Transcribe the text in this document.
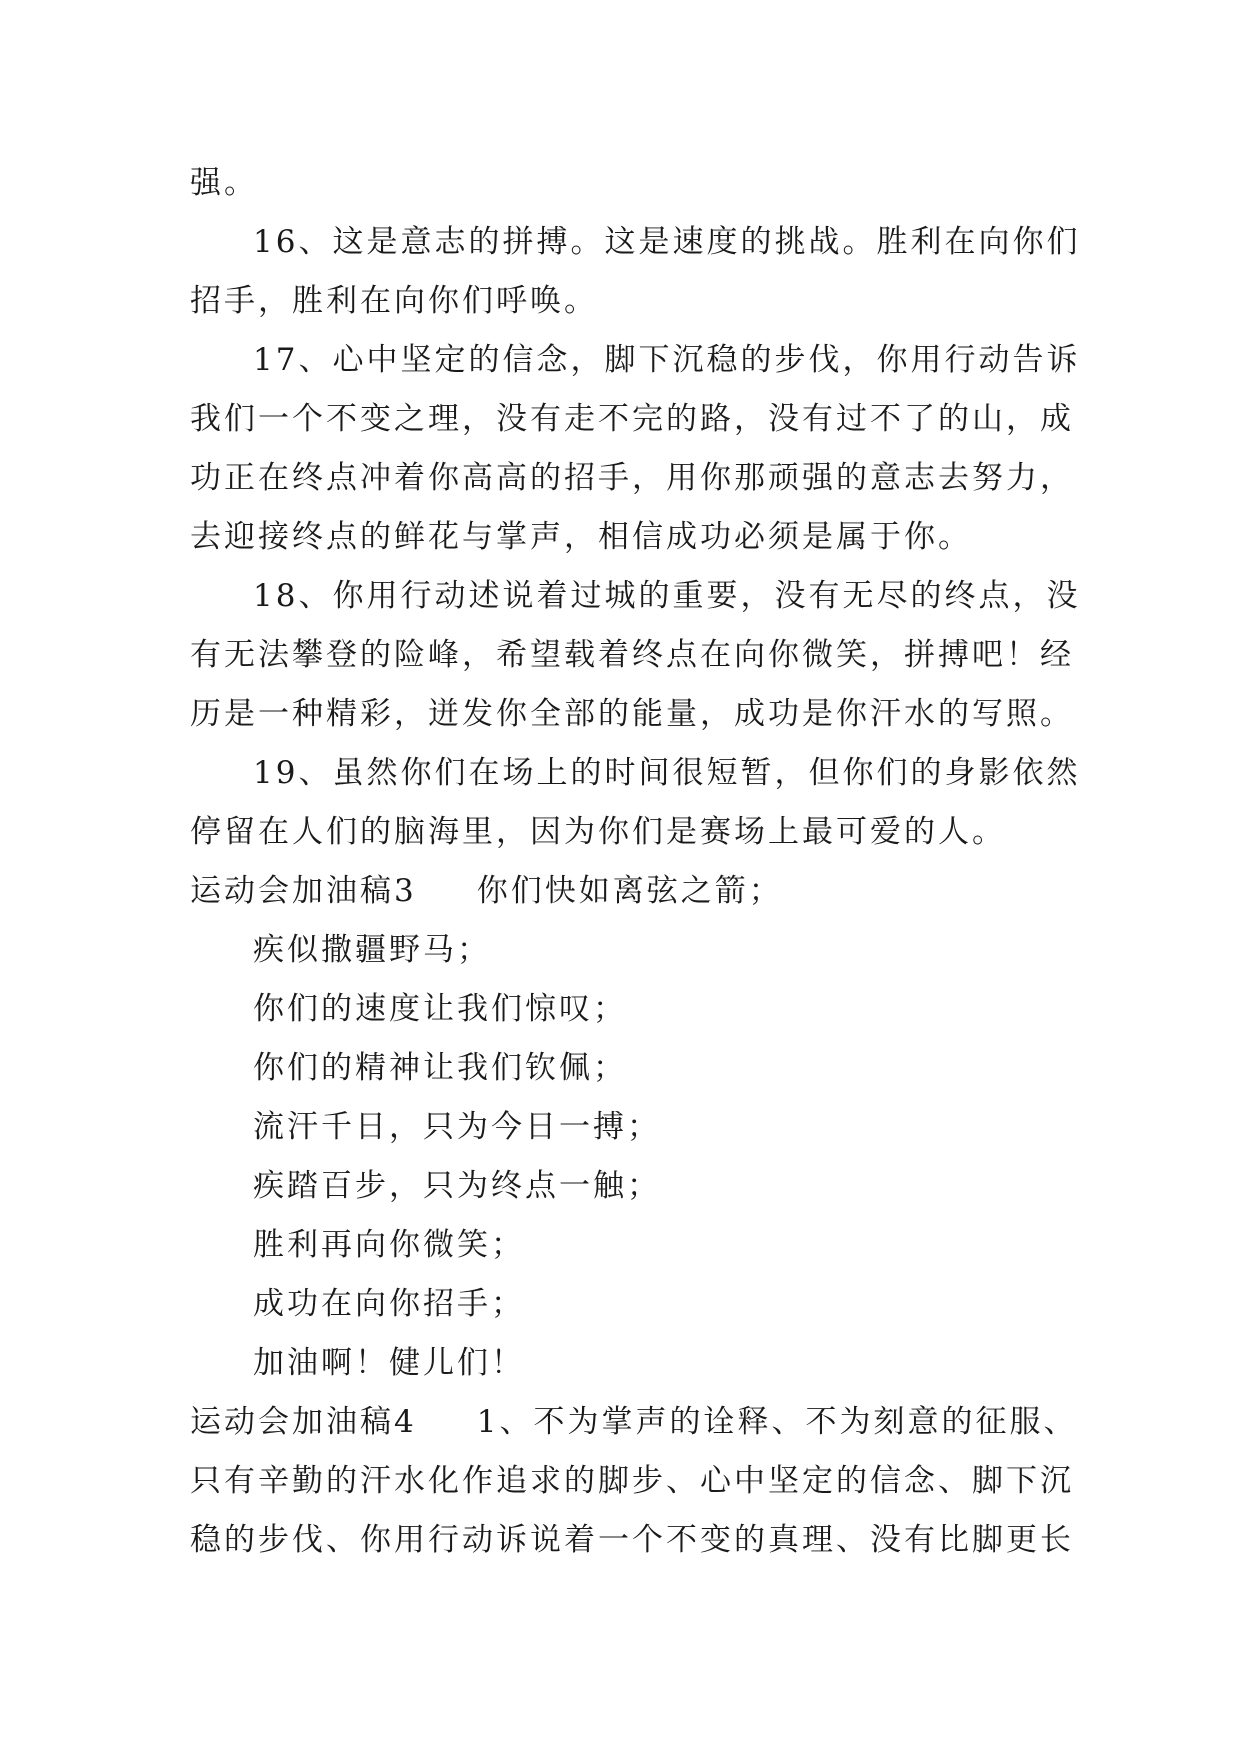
强。
16、这是意志的拼搏。这是速度的挑战。胜利在向你们
招手，胜利在向你们呼唤。
17、心中坚定的信念，脚下沉稳的步伐，你用行动告诉
我们一个不变之理，没有走不完的路，没有过不了的山，成
功正在终点冲着你高高的招手，用你那顽强的意志去努力，
去迎接终点的鲜花与掌声，相信成功必须是属于你。
18、你用行动述说着过城的重要，没有无尽的终点，没
有无法攀登的险峰，希望载着终点在向你微笑，拼搏吧！经
历是一种精彩，迸发你全部的能量，成功是你汗水的写照。
19、虽然你们在场上的时间很短暂，但你们的身影依然
停留在人们的脑海里，因为你们是赛场上最可爱的人。
运动会加油稿3 你们快如离弦之箭；
疾似撒疆野马；
你们的速度让我们惊叹；
你们的精神让我们钦佩；
流汗千日，只为今日一搏；
疾踏百步，只为终点一触；
胜利再向你微笑；
成功在向你招手；
加油啊！健儿们！
运动会加油稿4 1、不为掌声的诠释、不为刻意的征服、
只有辛勤的汗水化作追求的脚步、心中坚定的信念、脚下沉
稳的步伐、你用行动诉说着一个不变的真理、没有比脚更长
